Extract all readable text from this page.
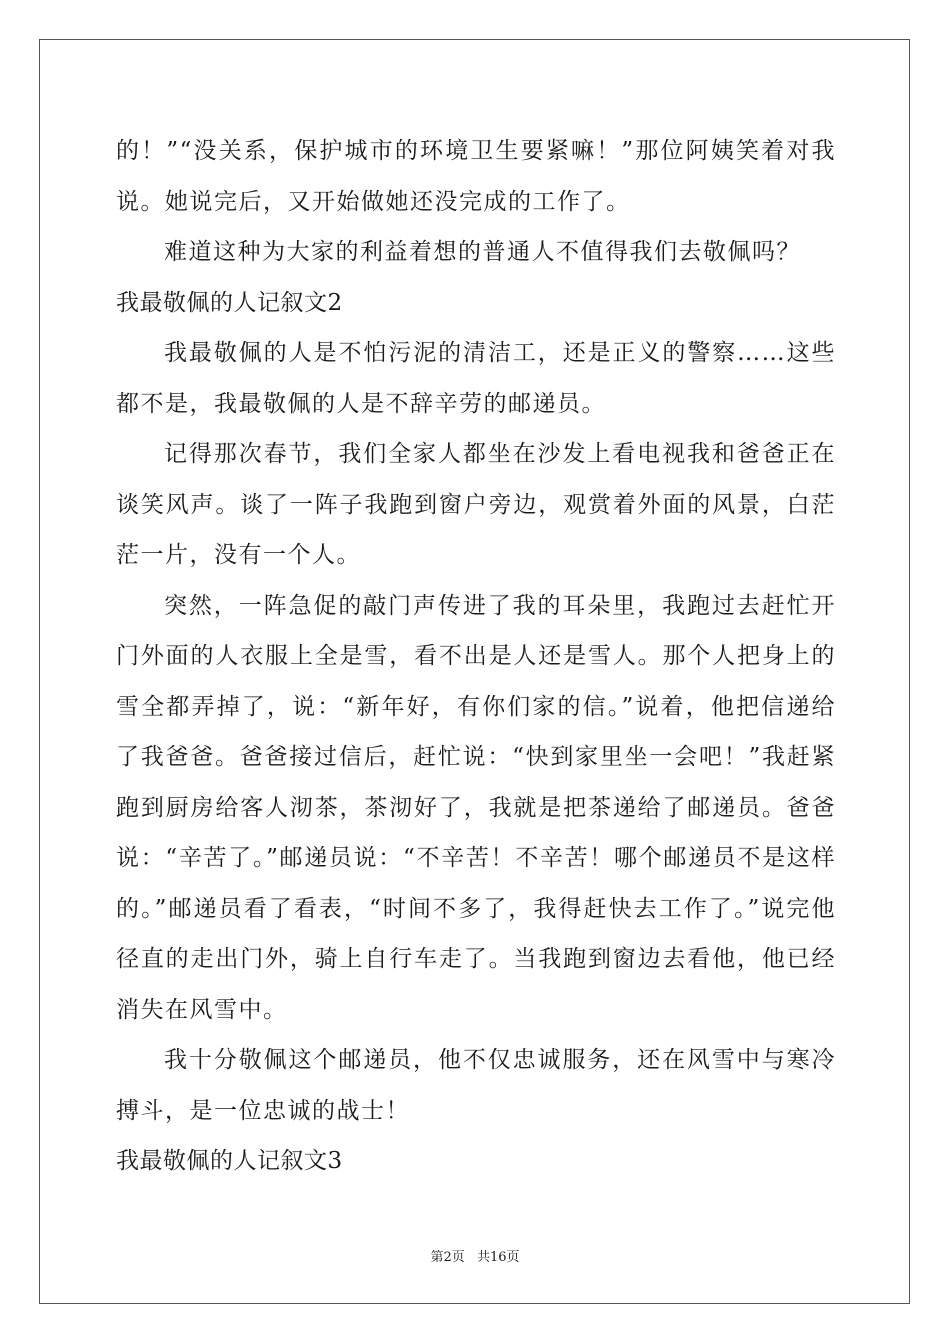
的！”“没关系，保护城市的环境卫生要紧嘛！”那位阿姨笑着对我说。她说完后，又开始做她还没完成的工作了。

难道这种为大家的利益着想的普通人不值得我们去敬佩吗？

我最敬佩的人记叙文2

我最敬佩的人是不怕污泥的清洁工，还是正义的警察……这些都不是，我最敬佩的人是不辞辛劳的邮递员。

记得那次春节，我们全家人都坐在沙发上看电视我和爸爸正在谈笑风声。谈了一阵子我跑到窗户旁边，观赏着外面的风景，白茫茫一片，没有一个人。

突然，一阵急促的敲门声传进了我的耳朵里，我跑过去赶忙开门外面的人衣服上全是雪，看不出是人还是雪人。那个人把身上的雪全都弄掉了，说：“新年好，有你们家的信。”说着，他把信递给了我爸爸。爸爸接过信后，赶忙说：“快到家里坐一会吧！”我赶紧跑到厨房给客人沏茶，茶沏好了，我就是把茶递给了邮递员。爸爸说：“辛苦了。”邮递员说：“不辛苦！不辛苦！哪个邮递员不是这样的。”邮递员看了看表，“时间不多了，我得赶快去工作了。”说完他径直的走出门外，骑上自行车走了。当我跑到窗边去看他，他已经消失在风雪中。

我十分敬佩这个邮递员，他不仅忠诚服务，还在风雪中与寒冷搏斗，是一位忠诚的战士！

我最敬佩的人记叙文3

第2页 共16页
